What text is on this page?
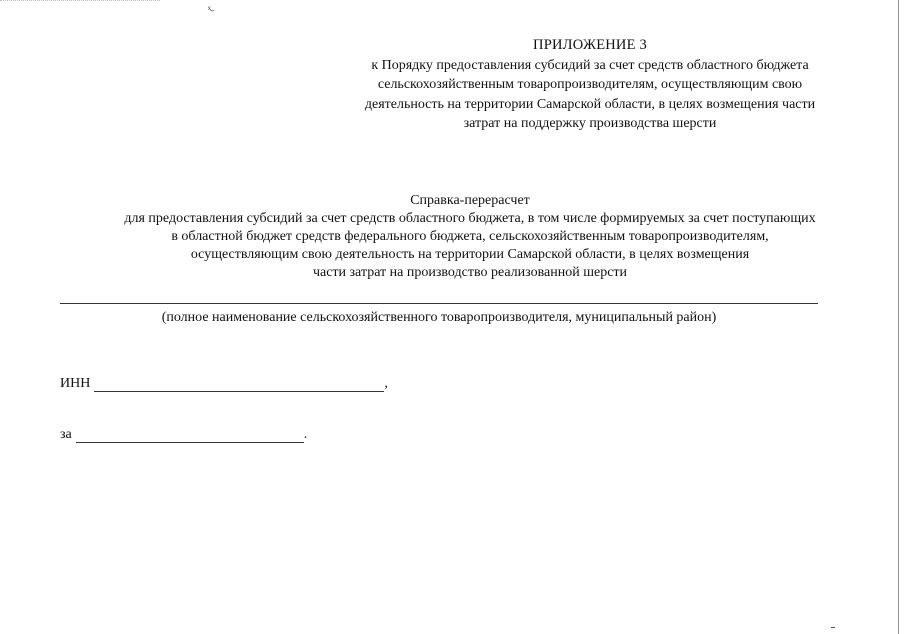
⁻ͯ˗
ПРИЛОЖЕНИЕ 3
к Порядку предоставления субсидий за счет средств областного бюджета
сельскохозяйственным товаропроизводителям, осуществляющим свою
деятельность на территории Самарской области, в целях возмещения части
затрат на поддержку производства шерсти
Справка-перерасчет
для предоставления субсидий за счет средств областного бюджета, в том числе формируемых за счет поступающих
в областной бюджет средств федерального бюджета, сельскохозяйственным товаропроизводителям,
осуществляющим свою деятельность на территории Самарской области, в целях возмещения
части затрат на производство реализованной шерсти
(полное наименование сельскохозяйственного товаропроизводителя, муниципальный район)
ИНН	,
за	.
